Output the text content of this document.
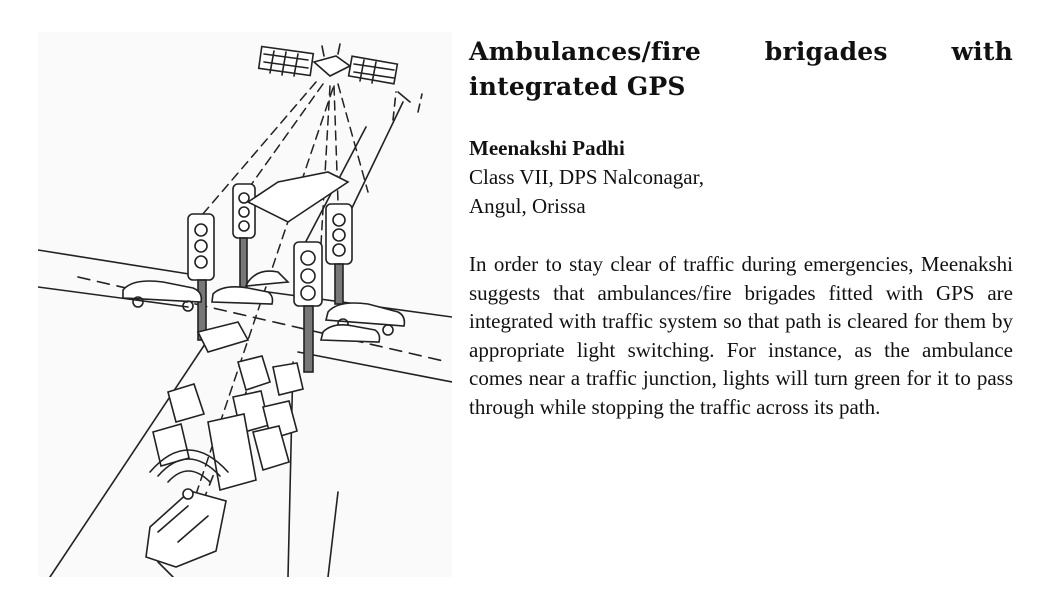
Ambulances/fire brigades with integrated GPS
Meenakshi Padhi
Class VII, DPS Nalconagar,
Angul, Orissa

In order to stay clear of traffic during emergencies, Meenakshi suggests that ambulances/fire brigades fitted with GPS are integrated with traffic system so that path is cleared for them by appropriate light switching. For instance, as the ambulance comes near a traffic junction, lights will turn green for it to pass through while stopping the traffic across its path.
